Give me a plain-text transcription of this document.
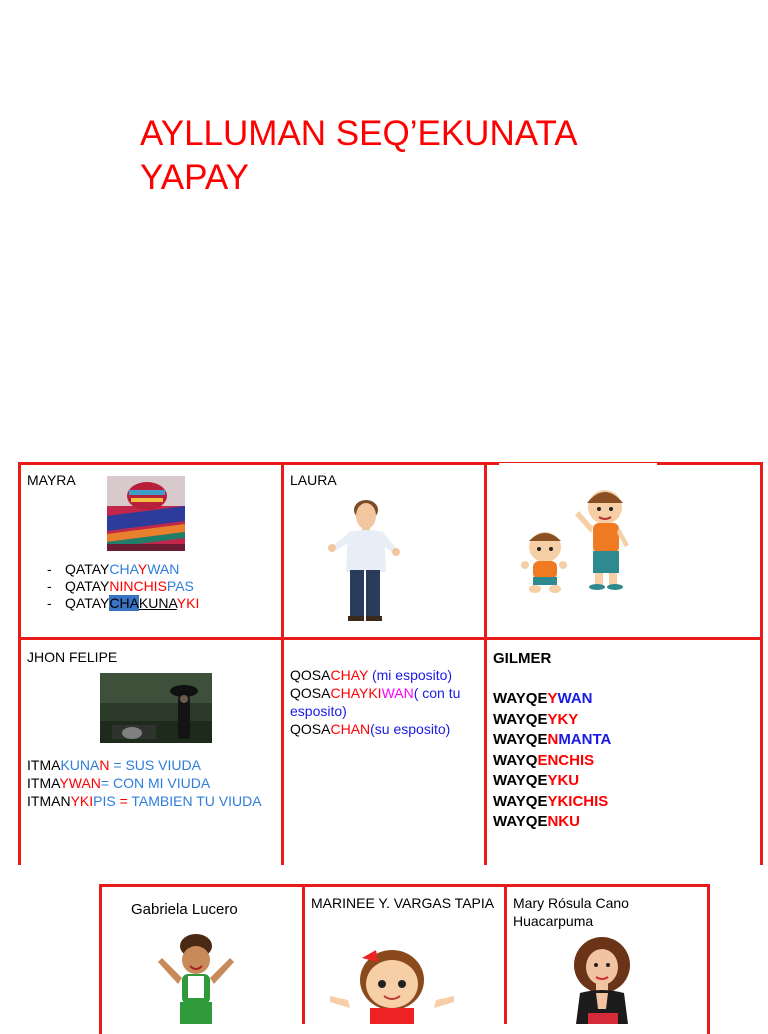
AYLLUMAN SEQ’EKUNATA
YAPAY
MAYRA
- QATAYCHAYWAN
- QATAYNINCHISPAS
- QATAYCHAKUNAYKI
LAURA
JHON FELIPE
ITMAKUNAN = SUS VIUDA
ITMAYWAN= CON MI VIUDA
ITMANYKIPIS = TAMBIEN TU VIUDA
QOSACHAY (mi esposito)
QOSACHAYKIWAN( con tu esposito)
QOSACHAN(su esposito)
GILMER
WAYQEYWAN
WAYQEYKY
WAYQENMANTA
WAYQENCHIS
WAYQEYKU
WAYQEYKICHIS
WAYQENKU
Gabriela Lucero	MARINEE Y. VARGAS TAPIA	Mary Rósula Cano Huacarpuma
